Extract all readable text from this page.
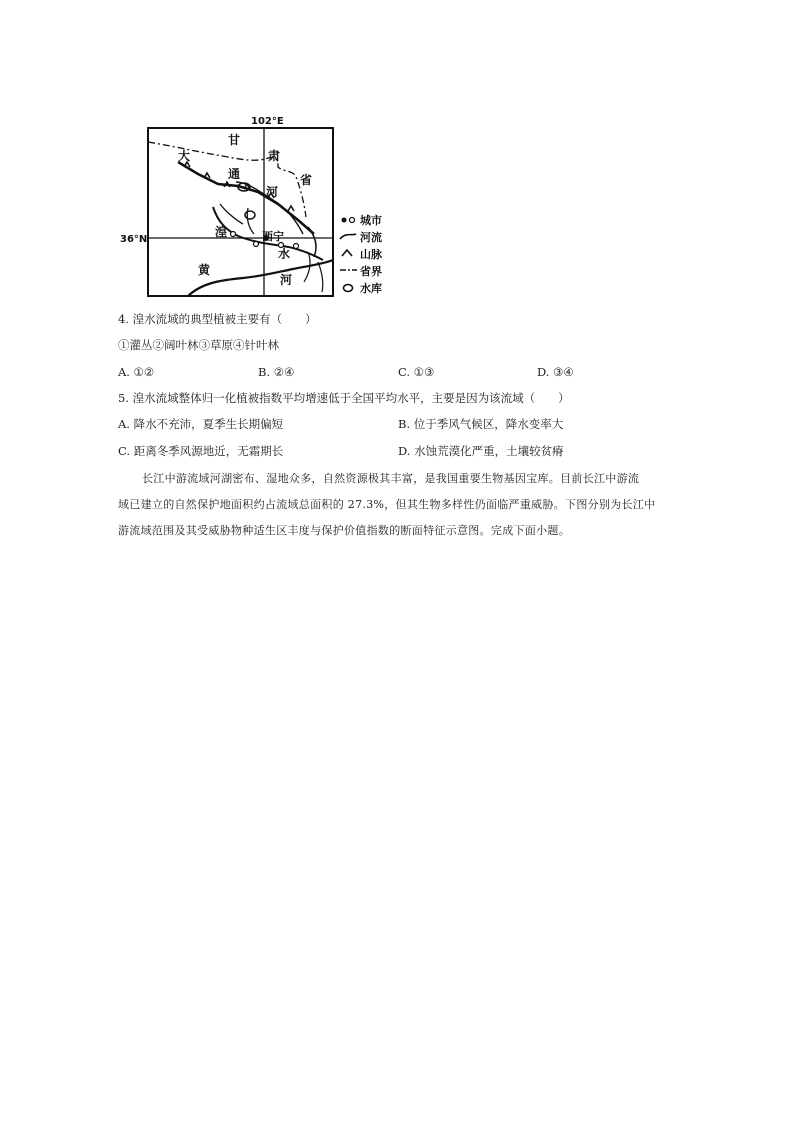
102°E
36°N
甘
肃
省
大
通
河
湟	西宁
水
黄
河
城市
河流
山脉
省界
水库
4. 湟水流域的典型植被主要有（　　）
①灌丛②阔叶林③草原④针叶林
A. ①②	B. ②④	C. ①③	D. ③④
5. 湟水流域整体归一化植被指数平均增速低于全国平均水平，主要是因为该流域（　　）
A. 降水不充沛，夏季生长期偏短	B. 位于季风气候区，降水变率大
C. 距离冬季风源地近，无霜期长	D. 水蚀荒漠化严重，土壤较贫瘠

长江中游流域河湖密布、湿地众多，自然资源极其丰富，是我国重要生物基因宝库。目前长江中游流

域已建立的自然保护地面积约占流域总面积的 27.3%，但其生物多样性仍面临严重威胁。下图分别为长江中

游流域范围及其受威胁物种适生区丰度与保护价值指数的断面特征示意图。完成下面小题。
